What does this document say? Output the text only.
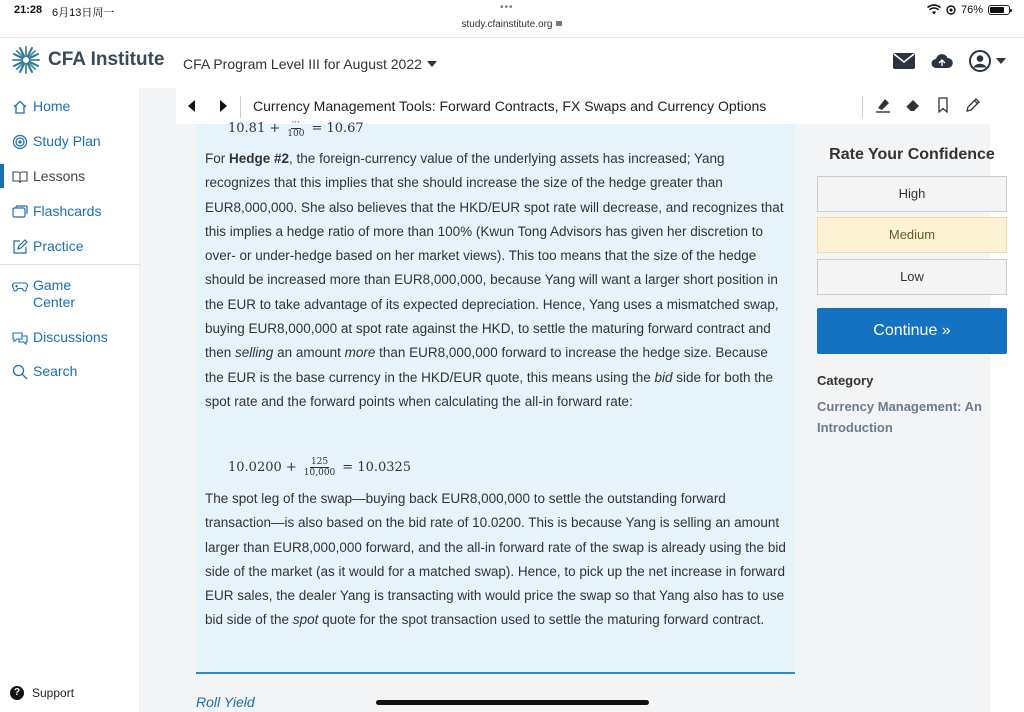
21:28 6月13日周一	•••
study.cfainstitute.org
76%
CFA Institute CFA Program Level III for August 2022
Home
Study Plan
Lessons
Flashcards
Practice
Game Center
Discussions
Search
? Support
Currency Management Tools: Forward Contracts, FX Swaps and Currency Options
$10.81 + \frac{\cdot\cdot\cdot}{100} = 10.67$

For Hedge #2, the foreign-currency value of the underlying assets has increased; Yang recognizes that this implies that she should increase the size of the hedge greater than EUR8,000,000. She also believes that the HKD/EUR spot rate will decrease, and recognizes that this implies a hedge ratio of more than 100% (Kwun Tong Advisors has given her discretion to over- or under-hedge based on her market views). This too means that the size of the hedge should be increased more than EUR8,000,000, because Yang will want a larger short position in the EUR to take advantage of its expected depreciation. Hence, Yang uses a mismatched swap, buying EUR8,000,000 at spot rate against the HKD, to settle the maturing forward contract and then selling an amount more than EUR8,000,000 forward to increase the hedge size. Because the EUR is the base currency in the HKD/EUR quote, this means using the bid side for both the spot rate and the forward points when calculating the all-in forward rate:

$10.0200 + \frac{125}{10,000} = 10.0325$

The spot leg of the swap—buying back EUR8,000,000 to settle the outstanding forward transaction—is also based on the bid rate of 10.0200. This is because Yang is selling an amount larger than EUR8,000,000 forward, and the all-in forward rate of the swap is already using the bid side of the market (as it would for a matched swap). Hence, to pick up the net increase in forward EUR sales, the dealer Yang is transacting with would price the swap so that Yang also has to use bid side of the spot quote for the spot transaction used to settle the maturing forward contract.

Roll Yield
Rate Your Confidence
High
Medium
Low
Continue »
Category
Currency Management: An Introduction
